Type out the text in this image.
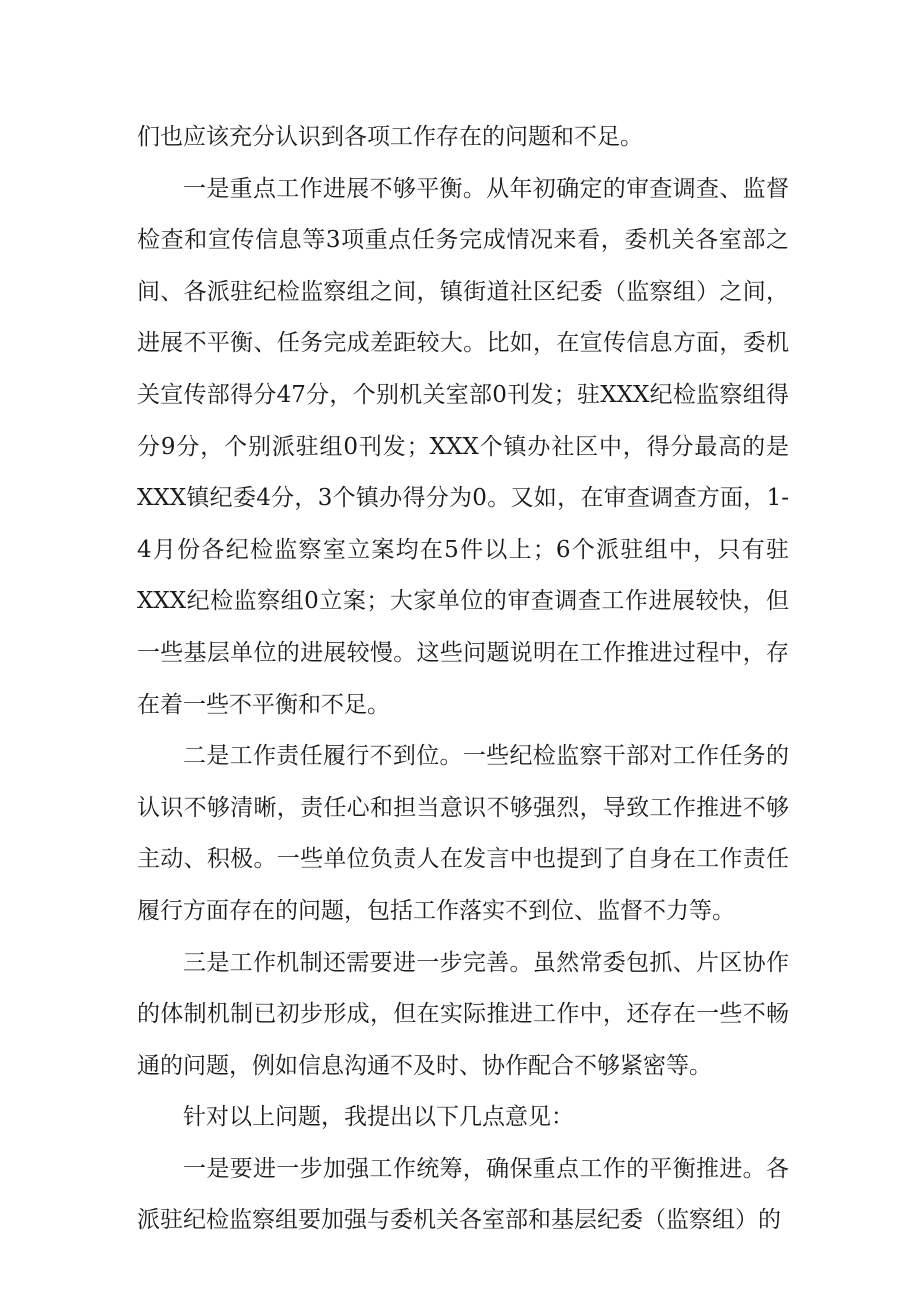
们也应该充分认识到各项工作存在的问题和不足。

一是重点工作进展不够平衡。从年初确定的审查调查、监督检查和宣传信息等3项重点任务完成情况来看，委机关各室部之间、各派驻纪检监察组之间，镇街道社区纪委（监察组）之间，进展不平衡、任务完成差距较大。比如，在宣传信息方面，委机关宣传部得分47分，个别机关室部0刊发；驻XXX纪检监察组得分9分，个别派驻组0刊发；XXX个镇办社区中，得分最高的是XXX镇纪委4分，3个镇办得分为0。又如，在审查调查方面，1-4月份各纪检监察室立案均在5件以上；6个派驻组中，只有驻XXX纪检监察组0立案；大家单位的审查调查工作进展较快，但一些基层单位的进展较慢。这些问题说明在工作推进过程中，存在着一些不平衡和不足。

二是工作责任履行不到位。一些纪检监察干部对工作任务的认识不够清晰，责任心和担当意识不够强烈，导致工作推进不够主动、积极。一些单位负责人在发言中也提到了自身在工作责任履行方面存在的问题，包括工作落实不到位、监督不力等。

三是工作机制还需要进一步完善。虽然常委包抓、片区协作的体制机制已初步形成，但在实际推进工作中，还存在一些不畅通的问题，例如信息沟通不及时、协作配合不够紧密等。

针对以上问题，我提出以下几点意见：

一是要进一步加强工作统筹，确保重点工作的平衡推进。各派驻纪检监察组要加强与委机关各室部和基层纪委（监察组）的
